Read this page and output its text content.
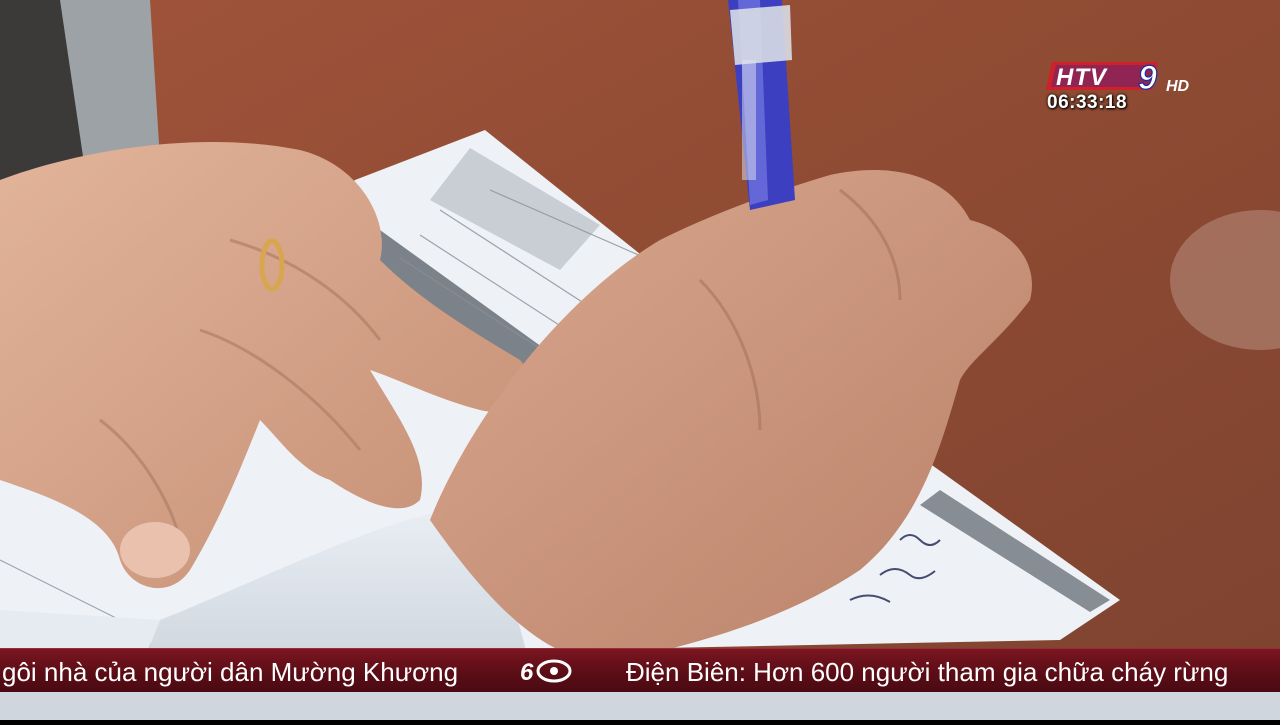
HTV 9 HD
06:33:18
gôi nhà của người dân Mường Khương	6	Điện Biên: Hơn 600 người tham gia chữa cháy rừng
